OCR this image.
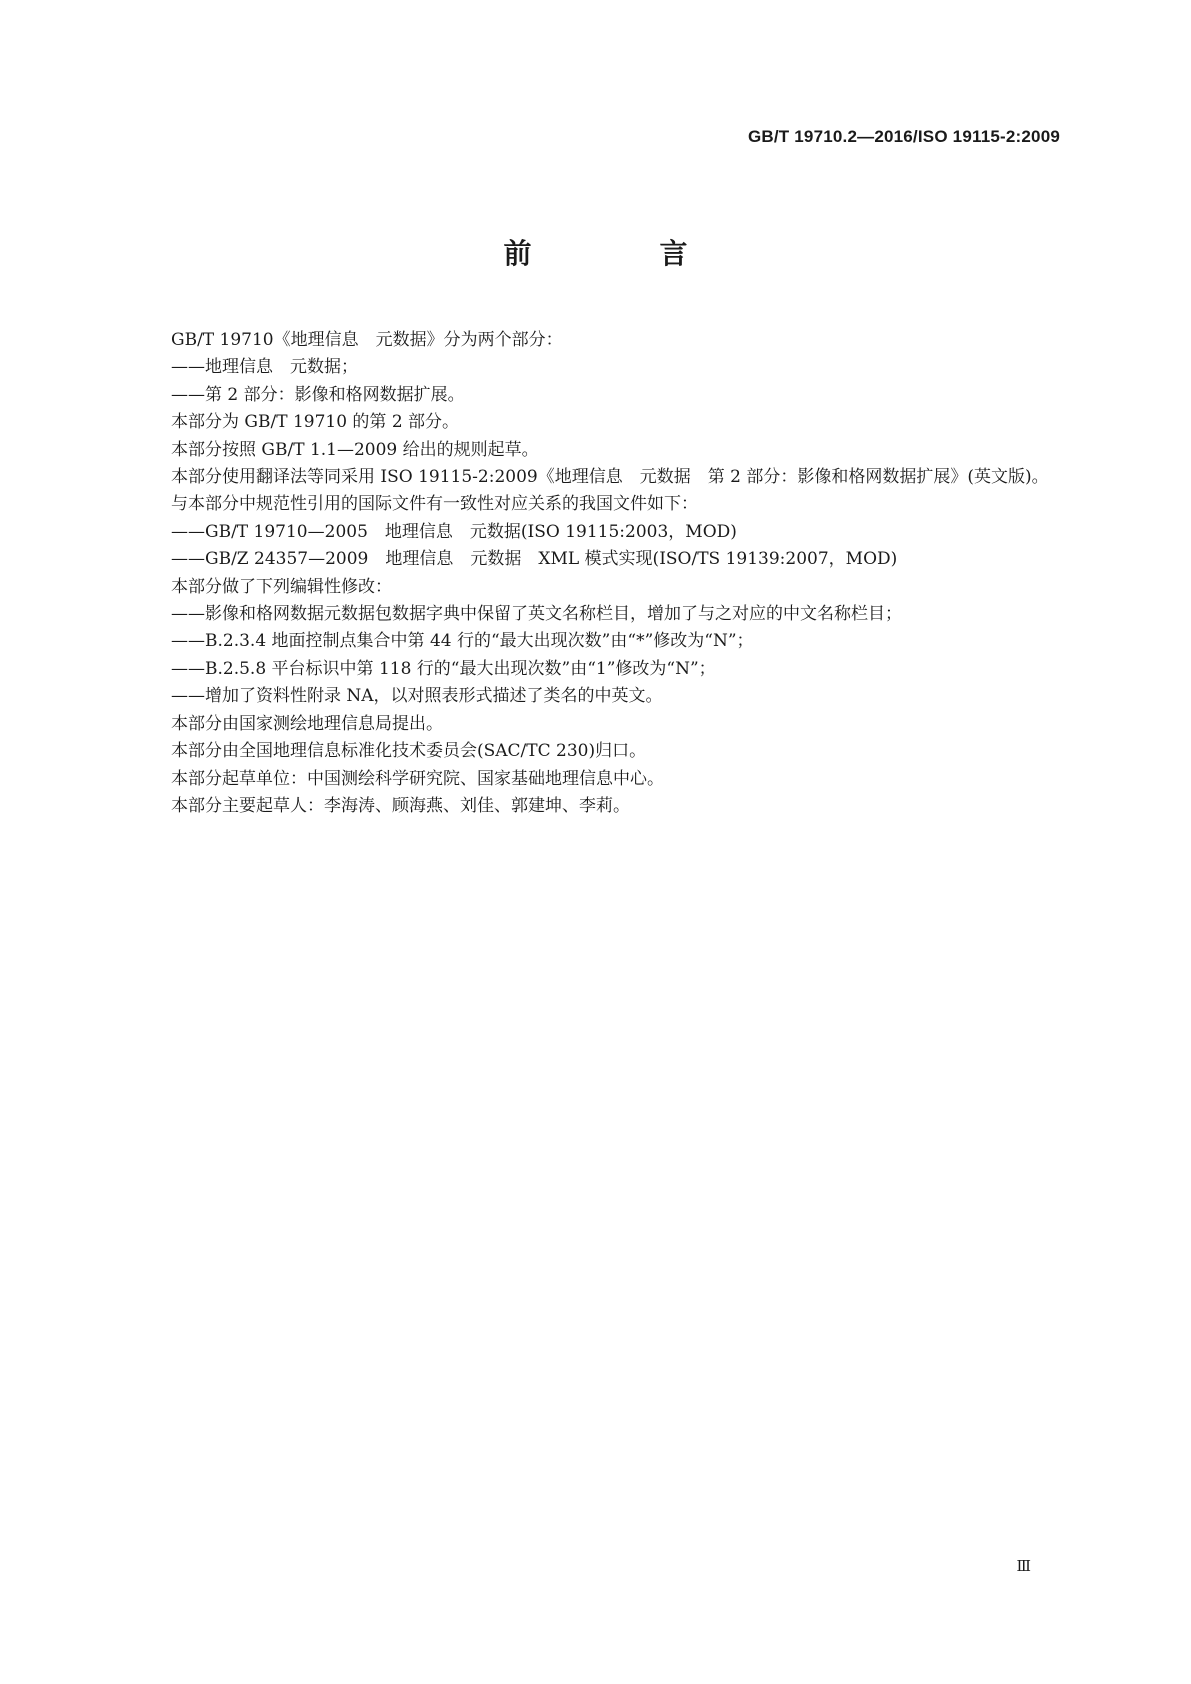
GB/T 19710.2—2016/ISO 19115-2:2009
前　言

GB/T 19710《地理信息　元数据》分为两个部分：

——地理信息　元数据；

——第 2 部分：影像和格网数据扩展。

本部分为 GB/T 19710 的第 2 部分。

本部分按照 GB/T 1.1—2009 给出的规则起草。

本部分使用翻译法等同采用 ISO 19115-2:2009《地理信息　元数据　第 2 部分：影像和格网数据扩展》(英文版)。

与本部分中规范性引用的国际文件有一致性对应关系的我国文件如下：

——GB/T 19710—2005　地理信息　元数据(ISO 19115:2003，MOD)

——GB/Z 24357—2009　地理信息　元数据　XML 模式实现(ISO/TS 19139:2007，MOD)

本部分做了下列编辑性修改：

——影像和格网数据元数据包数据字典中保留了英文名称栏目，增加了与之对应的中文名称栏目；

——B.2.3.4 地面控制点集合中第 44 行的“最大出现次数”由“*”修改为“N”；

——B.2.5.8 平台标识中第 118 行的“最大出现次数”由“1”修改为“N”；

——增加了资料性附录 NA，以对照表形式描述了类名的中英文。

本部分由国家测绘地理信息局提出。

本部分由全国地理信息标准化技术委员会(SAC/TC 230)归口。

本部分起草单位：中国测绘科学研究院、国家基础地理信息中心。

本部分主要起草人：李海涛、顾海燕、刘佳、郭建坤、李莉。

Ⅲ
